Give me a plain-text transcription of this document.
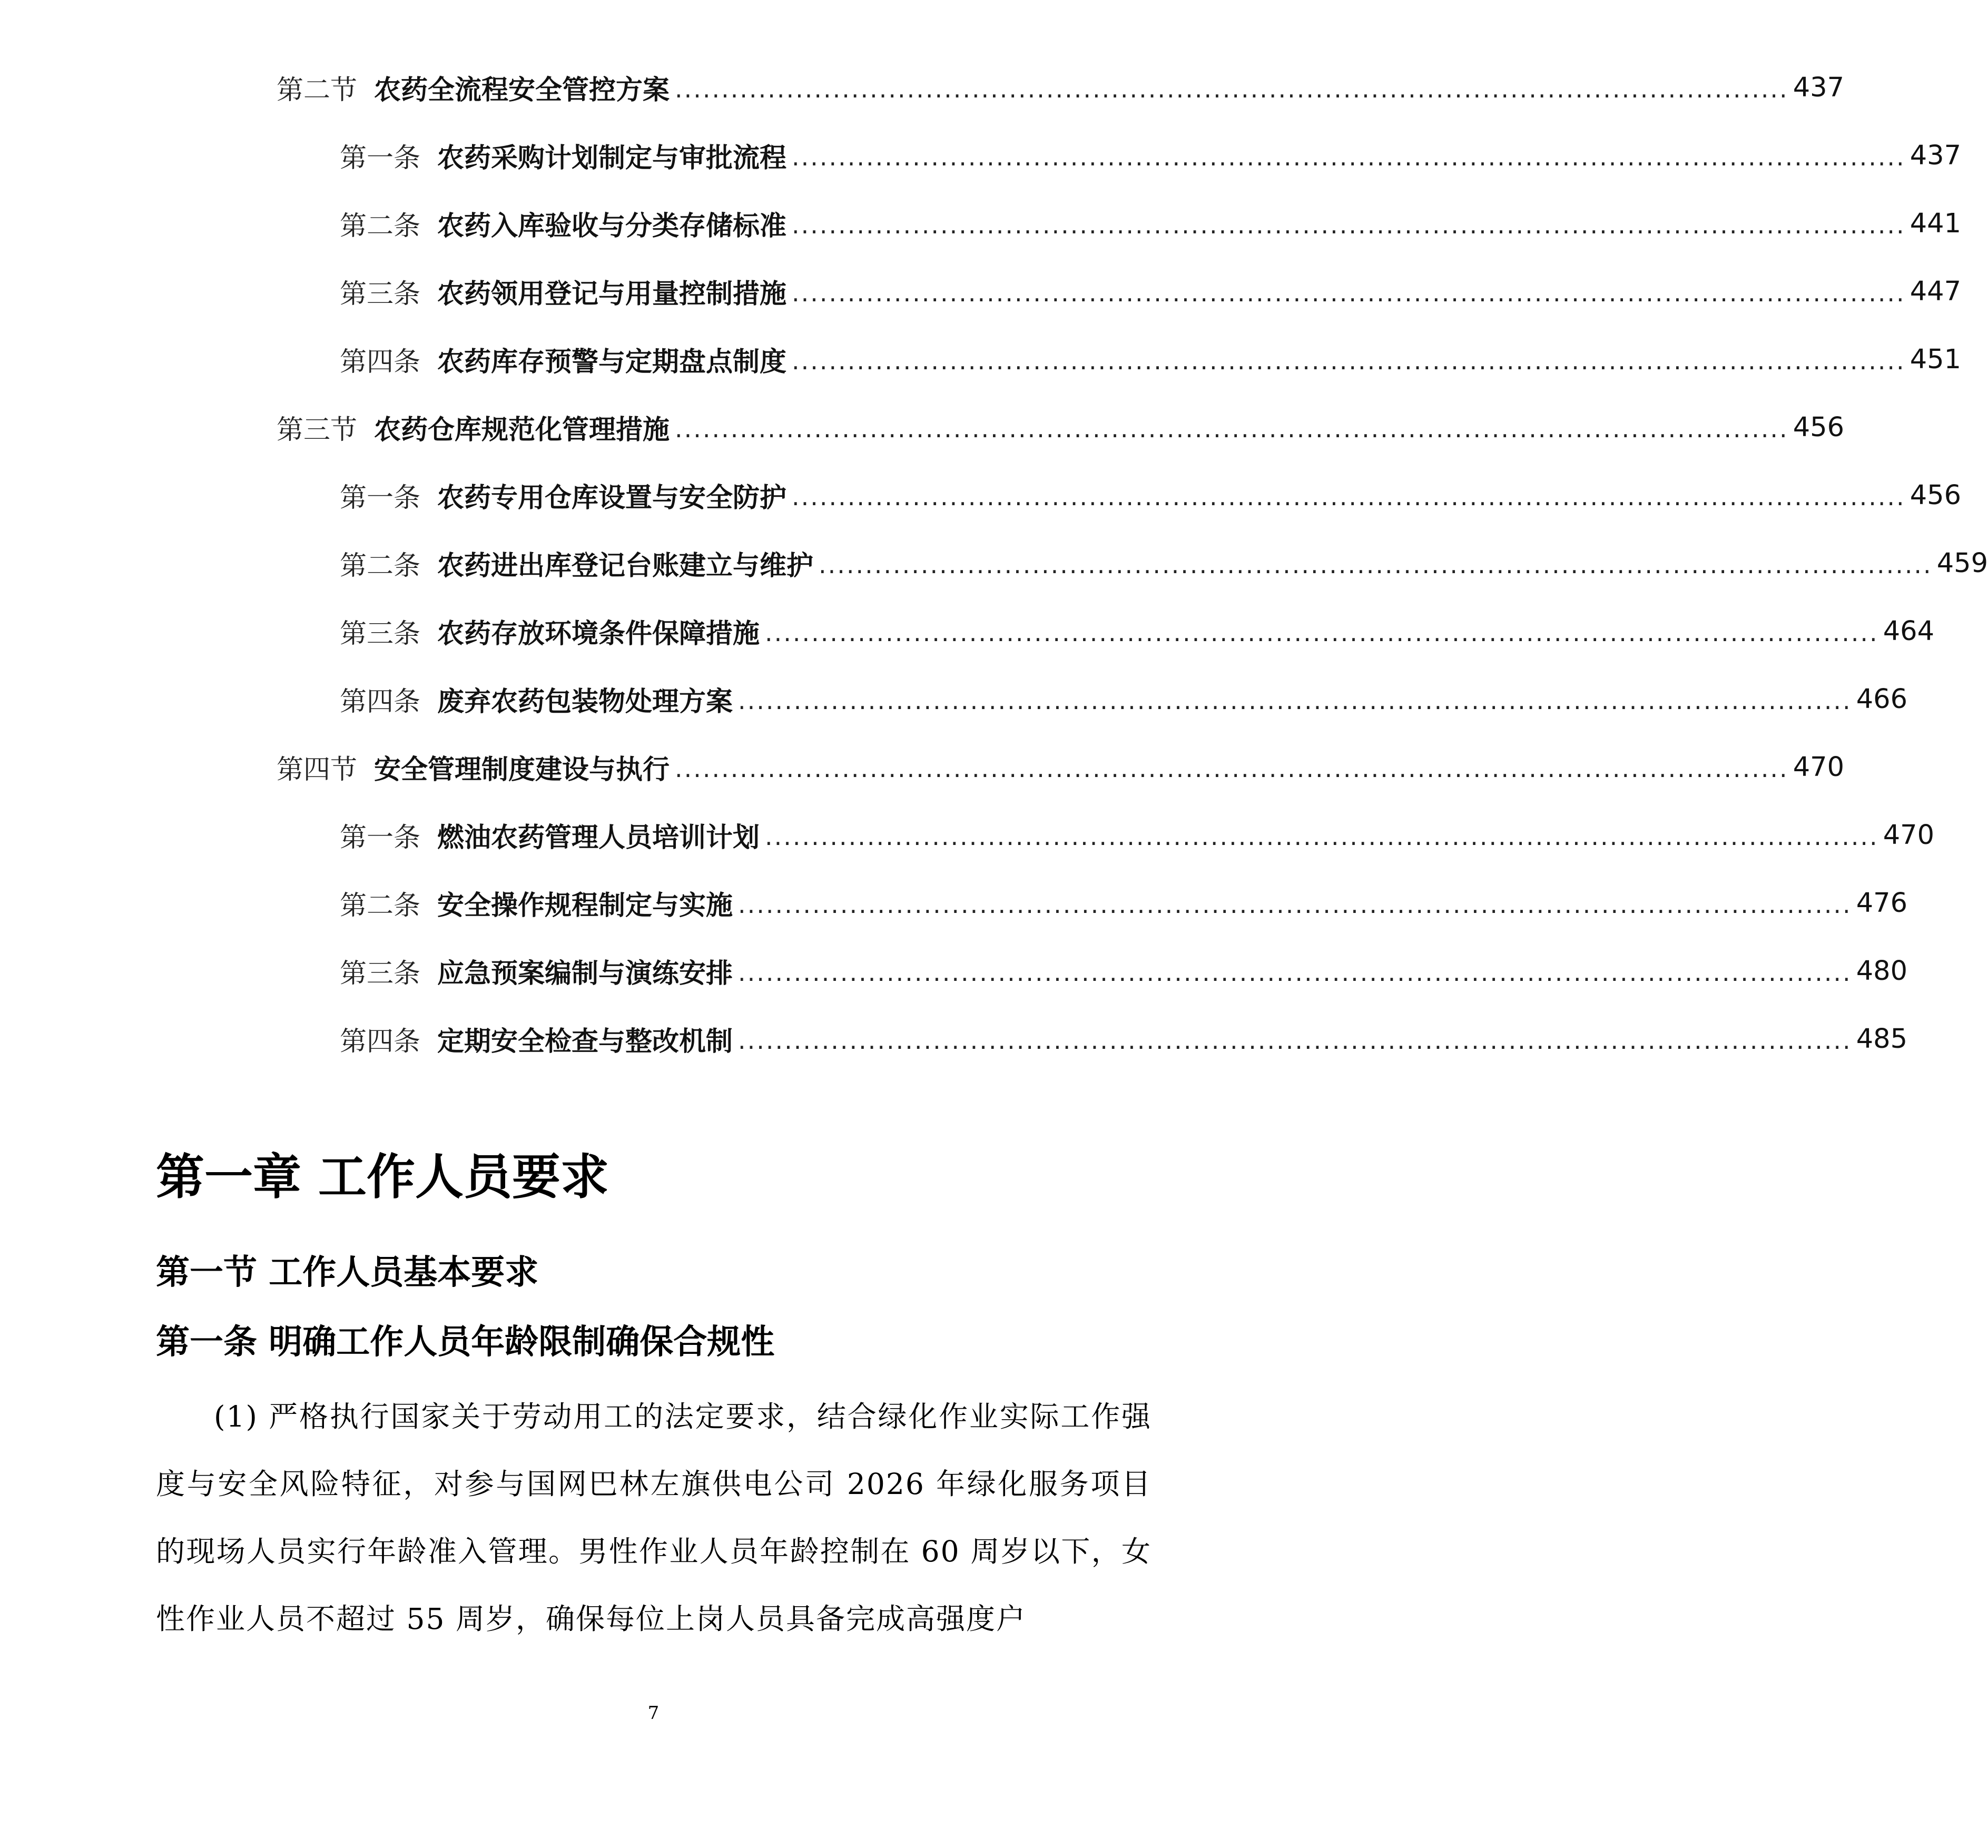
第二节 农药全流程安全管控方案 ........................................................................................................................ 437
第一条 农药采购计划制定与审批流程 ........................................................................................................................ 437
第二条 农药入库验收与分类存储标准 ........................................................................................................................ 441
第三条 农药领用登记与用量控制措施 ........................................................................................................................ 447
第四条 农药库存预警与定期盘点制度 ........................................................................................................................ 451
第三节 农药仓库规范化管理措施 ........................................................................................................................ 456
第一条 农药专用仓库设置与安全防护 ........................................................................................................................ 456
第二条 农药进出库登记台账建立与维护 ........................................................................................................................ 459
第三条 农药存放环境条件保障措施 ........................................................................................................................ 464
第四条 废弃农药包装物处理方案 ........................................................................................................................ 466
第四节 安全管理制度建设与执行 ........................................................................................................................ 470
第一条 燃油农药管理人员培训计划 ........................................................................................................................ 470
第二条 安全操作规程制定与实施 ........................................................................................................................ 476
第三条 应急预案编制与演练安排 ........................................................................................................................ 480
第四条 定期安全检查与整改机制 ........................................................................................................................ 485
第一章 工作人员要求
第一节 工作人员基本要求
第一条 明确工作人员年龄限制确保合规性

(1) 严格执行国家关于劳动用工的法定要求，结合绿化作业实际工作强度与安全风险特征，对参与国网巴林左旗供电公司 2026 年绿化服务项目的现场人员实行年龄准入管理。男性作业人员年龄控制在 60 周岁以下，女性作业人员不超过 55 周岁，确保每位上岗人员具备完成高强度户

7
